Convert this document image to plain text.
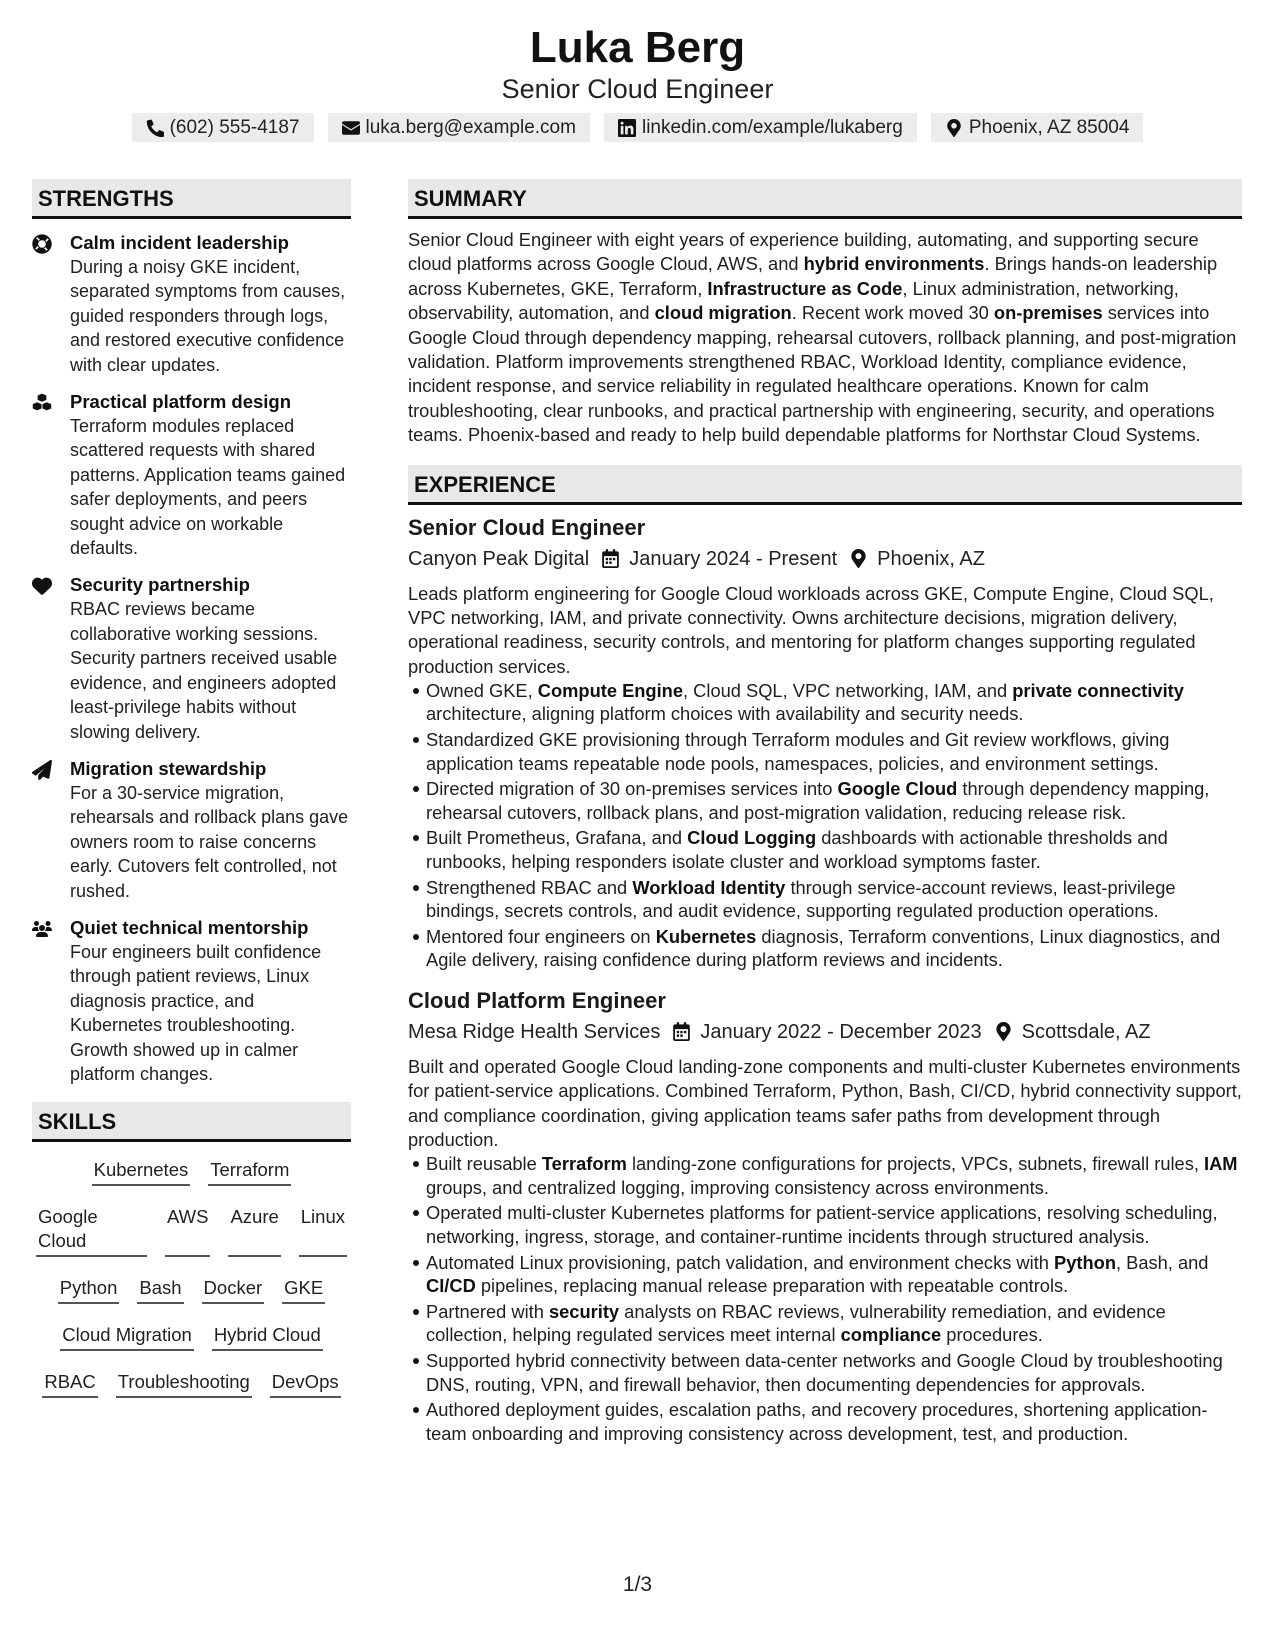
Luka Berg
Senior Cloud Engineer
(602) 555-4187	luka.berg@example.com	linkedin.com/example/lukaberg	Phoenix, AZ 85004
STRENGTHS
Calm incident leadership
During a noisy GKE incident, separated symptoms from causes, guided responders through logs, and restored executive confidence with clear updates.
Practical platform design
Terraform modules replaced scattered requests with shared patterns. Application teams gained safer deployments, and peers sought advice on workable defaults.
Security partnership
RBAC reviews became collaborative working sessions. Security partners received usable evidence, and engineers adopted least-privilege habits without slowing delivery.
Migration stewardship
For a 30-service migration, rehearsals and rollback plans gave owners room to raise concerns early. Cutovers felt controlled, not rushed.
Quiet technical mentorship
Four engineers built confidence through patient reviews, Linux diagnosis practice, and Kubernetes troubleshooting. Growth showed up in calmer platform changes.
SKILLS
Kubernetes Terraform
Google Cloud
AWS Azure Linux
Python Bash Docker GKE
Cloud Migration Hybrid Cloud
RBAC Troubleshooting DevOps
SUMMARY
Senior Cloud Engineer with eight years of experience building, automating, and supporting secure cloud platforms across Google Cloud, AWS, and hybrid environments. Brings hands-on leadership across Kubernetes, GKE, Terraform, Infrastructure as Code, Linux administration, networking, observability, automation, and cloud migration. Recent work moved 30 on-premises services into Google Cloud through dependency mapping, rehearsal cutovers, rollback planning, and post-migration validation. Platform improvements strengthened RBAC, Workload Identity, compliance evidence, incident response, and service reliability in regulated healthcare operations. Known for calm troubleshooting, clear runbooks, and practical partnership with engineering, security, and operations teams. Phoenix-based and ready to help build dependable platforms for Northstar Cloud Systems.
EXPERIENCE
Senior Cloud Engineer
Canyon Peak Digital January 2024 - Present Phoenix, AZ
Leads platform engineering for Google Cloud workloads across GKE, Compute Engine, Cloud SQL, VPC networking, IAM, and private connectivity. Owns architecture decisions, migration delivery, operational readiness, security controls, and mentoring for platform changes supporting regulated production services.
Owned GKE, Compute Engine, Cloud SQL, VPC networking, IAM, and private connectivity architecture, aligning platform choices with availability and security needs.
Standardized GKE provisioning through Terraform modules and Git review workflows, giving application teams repeatable node pools, namespaces, policies, and environment settings.
Directed migration of 30 on-premises services into Google Cloud through dependency mapping, rehearsal cutovers, rollback plans, and post-migration validation, reducing release risk.
Built Prometheus, Grafana, and Cloud Logging dashboards with actionable thresholds and runbooks, helping responders isolate cluster and workload symptoms faster.
Strengthened RBAC and Workload Identity through service-account reviews, least-privilege bindings, secrets controls, and audit evidence, supporting regulated production operations.
Mentored four engineers on Kubernetes diagnosis, Terraform conventions, Linux diagnostics, and Agile delivery, raising confidence during platform reviews and incidents.
Cloud Platform Engineer
Mesa Ridge Health Services January 2022 - December 2023 Scottsdale, AZ
Built and operated Google Cloud landing-zone components and multi-cluster Kubernetes environments for patient-service applications. Combined Terraform, Python, Bash, CI/CD, hybrid connectivity support, and compliance coordination, giving application teams safer paths from development through production.
Built reusable Terraform landing-zone configurations for projects, VPCs, subnets, firewall rules, IAM groups, and centralized logging, improving consistency across environments.
Operated multi-cluster Kubernetes platforms for patient-service applications, resolving scheduling, networking, ingress, storage, and container-runtime incidents through structured analysis.
Automated Linux provisioning, patch validation, and environment checks with Python, Bash, and CI/CD pipelines, replacing manual release preparation with repeatable controls.
Partnered with security analysts on RBAC reviews, vulnerability remediation, and evidence collection, helping regulated services meet internal compliance procedures.
Supported hybrid connectivity between data-center networks and Google Cloud by troubleshooting DNS, routing, VPN, and firewall behavior, then documenting dependencies for approvals.
Authored deployment guides, escalation paths, and recovery procedures, shortening application-team onboarding and improving consistency across development, test, and production.
1/3
